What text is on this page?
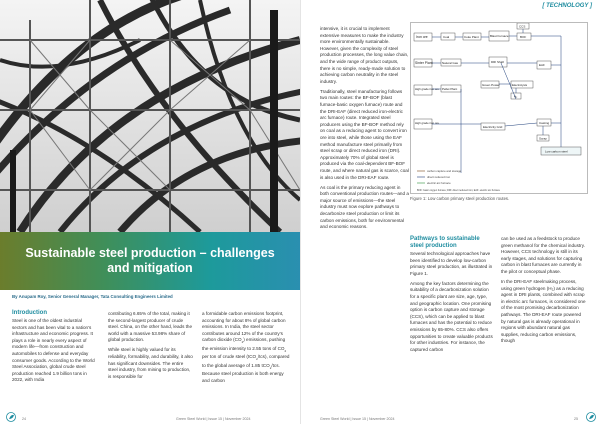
Sustainable steel production – challenges and mitigation
By Anupam Roy, Senior General Manager, Tata Consulting Engineers Limited
Introduction

Steel is one of the oldest industrial sectors and has been vital to a nation’s infrastructure and economic progress. It plays a role in nearly every aspect of modern life—from construction and automobiles to defense and everyday consumer goods. According to the World Steel Association, global crude steel production reached 1.9 billion tons in 2022, with India

contributing 6.65% of the total, making it the second-largest producer of crude steel. China, on the other hand, leads the world with a massive 53.98% share of global production.

While steel is highly valued for its reliability, formability, and durability, it also has significant downsides. The entire steel industry, from mining to production, is responsible for

a formidable carbon emissions footprint, accounting for about 8% of global carbon emissions. In India, the steel sector contributes around 12% of the country’s carbon dioxide $(CO_2)$ emissions, pushing the emission intensity to 2.55 tons of $CO_2$ per ton of crude steel (tCO$_2$/tcs), compared to the global average of 1.85 tCO$_2$/tcs. Because steel production is both energy and carbon

24	Green Steel World | Issue 15 | November 2024
[ TECHNOLOGY ]

intensive, it is crucial to implement extensive measures to make the industry more environmentally sustainable. However, given the complexity of steel production processes, the long value chain, and the wide range of product outputs, there is no simple, ready-made solution to achieving carbon neutrality in the steel industry.

Traditionally, steel manufacturing follows two main routes: the BF-BOF (blast furnace-basic oxygen furnace) route and the DRI-EAF (direct reduced iron-electric arc furnace) route. Integrated steel producers using the BF-BOF method rely on coal as a reducing agent to convert iron ore into steel, while those using the EAF method manufacture steel primarily from steel scrap or direct reduced iron (DRI). Approximately 70% of global steel is produced via the coal-dependent BF-BOF route, and where natural gas is scarce, coal is also used in the DRI-EAF route.

As coal is the primary reducing agent in both conventional production routes—and a major source of emissions—the steel industry must now explore pathways to decarbonize steel production or limit its carbon emissions, both for environmental and economic reasons.

Iron ore
Sinter Plant
High grade iron ore
High grade iron ore
Coal	Coke Plant	Blast Furnace	BOF
CCS
Natural Gas	DRI Shaft
EAF
Pellet Plant
Green Power	Electrolysis
H₂
Electricity Grid
Casting
Scrap
Low carbon steel
carbon capture and storage
direct reduced iron
electric arc furnace
BOF: basic oxygen furnace; DRI: direct reduced iron; EAF: electric arc furnace
Figure 1: Low carbon primary steel production routes.
Pathways to sustainable steel production

Several technological approaches have been identified to develop low-carbon primary steel production, as illustrated in Figure 1.

Among the key factors determining the suitability of a decarbonization solution for a specific plant are size, age, type, and geographic location. One promising option is carbon capture and storage (CCS), which can be applied to blast furnaces and has the potential to reduce emissions by 65-80%. CCS also offers opportunities to create valuable products for other industries. For instance, the captured carbon

can be used as a feedstock to produce green methanol for the chemical industry. However, CCS technology is still in its early stages, and solutions for capturing carbon in blast furnaces are currently in the pilot or conceptual phase.

In the DRI-EAF steelmaking process, using green hydrogen (H₂) as a reducing agent in DRI plants, combined with scrap in electric arc furnaces, is considered one of the most promising decarbonization pathways. The DRI-EAF route powered by natural gas is already operational in regions with abundant natural gas supplies, reducing carbon emissions, though

Green Steel World | Issue 15 | November 2024	25
